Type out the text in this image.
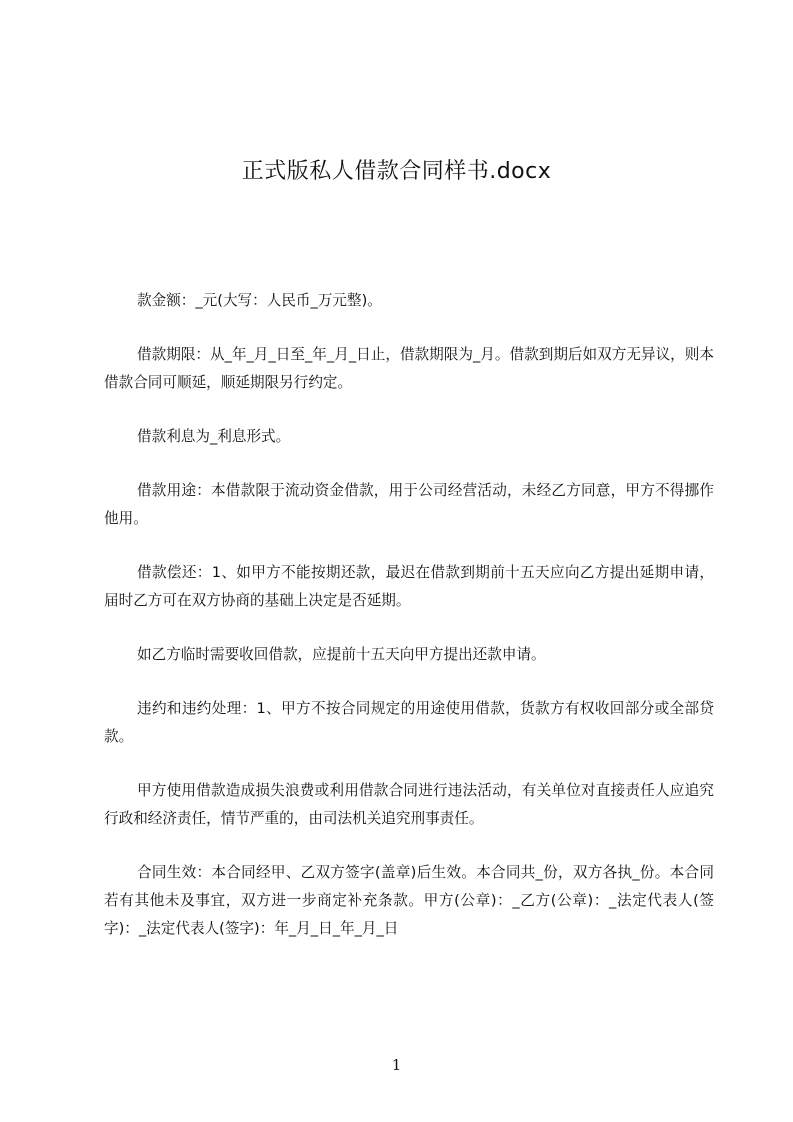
正式版私人借款合同样书.docx

款金额：_元(大写：人民币_万元整)。

借款期限：从_年_月_日至_年_月_日止，借款期限为_月。借款到期后如双方无异议，则本借款合同可顺延，顺延期限另行约定。

借款利息为_利息形式。

借款用途：本借款限于流动资金借款，用于公司经营活动，未经乙方同意，甲方不得挪作他用。

借款偿还：1、如甲方不能按期还款，最迟在借款到期前十五天应向乙方提出延期申请，届时乙方可在双方协商的基础上决定是否延期。

如乙方临时需要收回借款，应提前十五天向甲方提出还款申请。

违约和违约处理：1、甲方不按合同规定的用途使用借款，货款方有权收回部分或全部贷款。

甲方使用借款造成损失浪费或利用借款合同进行违法活动，有关单位对直接责任人应追究行政和经济责任，情节严重的，由司法机关追究刑事责任。

合同生效：本合同经甲、乙双方签字(盖章)后生效。本合同共_份，双方各执_份。本合同若有其他未及事宜，双方进一步商定补充条款。甲方(公章)：_乙方(公章)：_法定代表人(签字)：_法定代表人(签字)：年_月_日_年_月_日

1
